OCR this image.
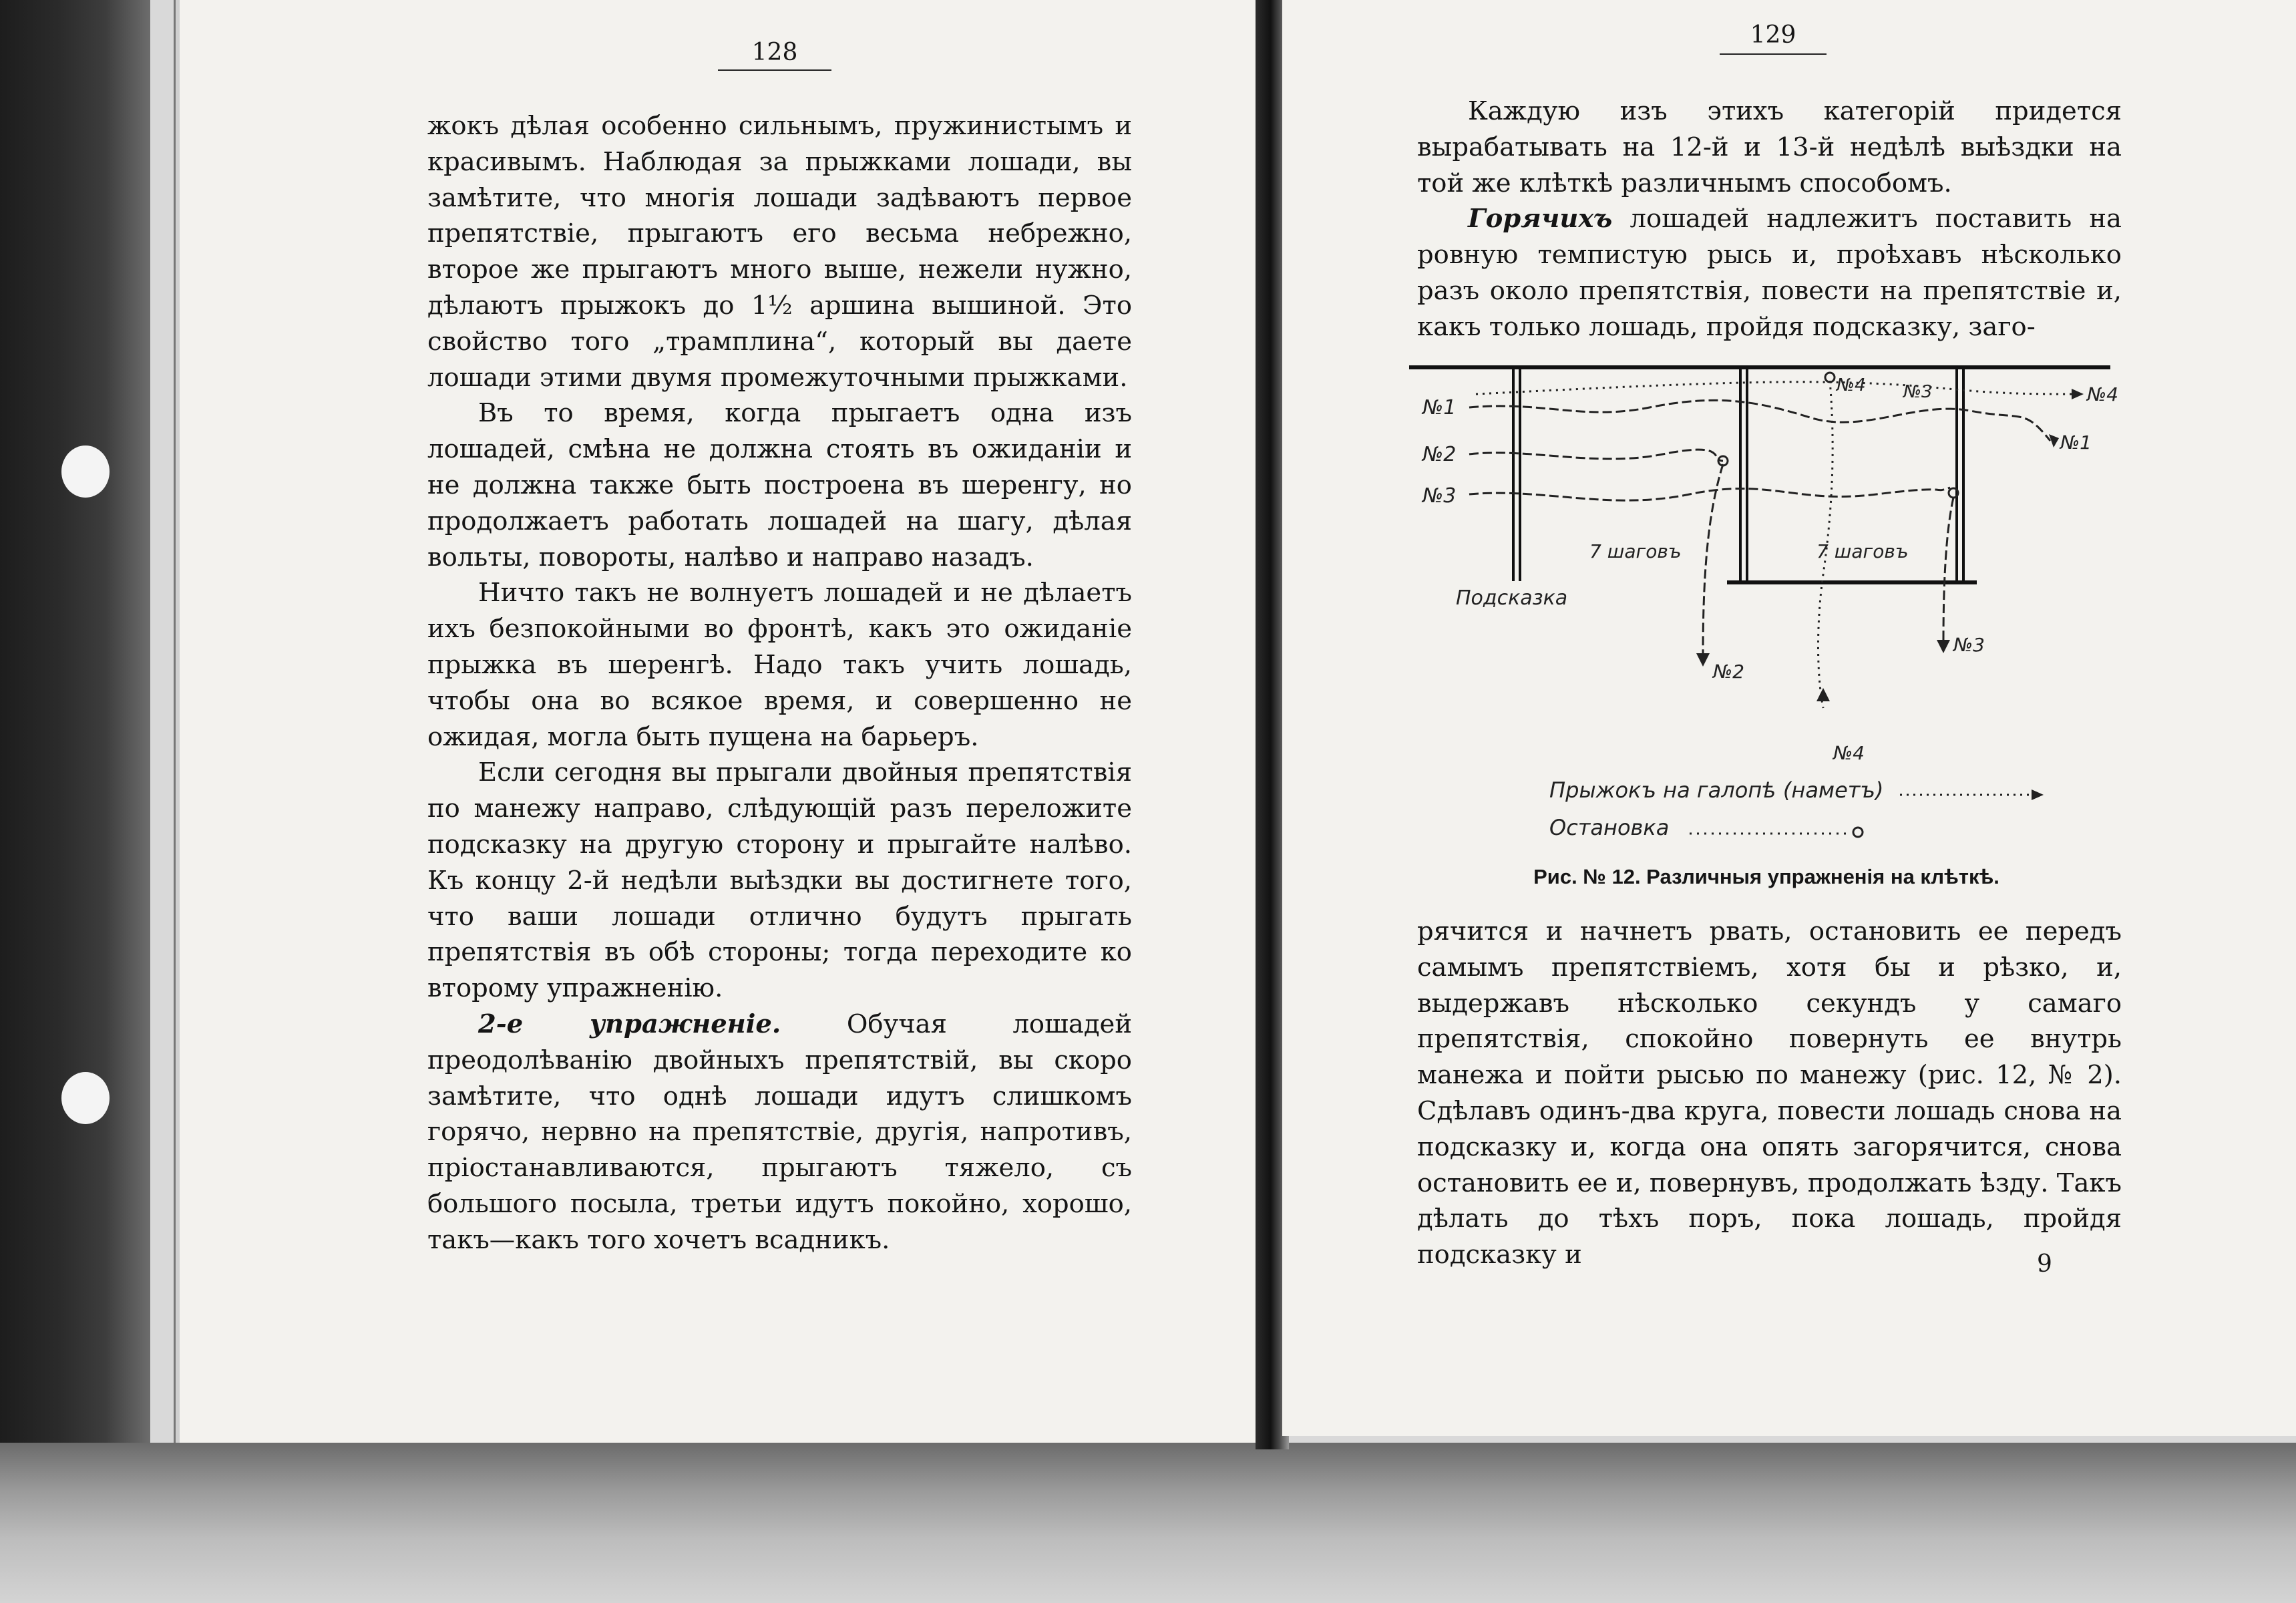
128

жокъ дѣлая особенно сильнымъ, пружинистымъ и красивымъ. Наблюдая за прыжками лошади, вы замѣтите, что многія лошади задѣваютъ первое препятствіе, прыгаютъ его весьма небрежно, второе же прыгаютъ много выше, нежели нужно, дѣлаютъ прыжокъ до 1½ аршина вышиной. Это свойство того „трамплина“, который вы даете лошади этими двумя промежуточными прыжками.

Въ то время, когда прыгаетъ одна изъ лошадей, смѣна не должна стоять въ ожиданіи и не должна также быть построена въ шеренгу, но продолжаетъ работать лошадей на шагу, дѣлая вольты, повороты, налѣво и направо назадъ.

Ничто такъ не волнуетъ лошадей и не дѣлаетъ ихъ безпокойными во фронтѣ, какъ это ожиданіе прыжка въ шеренгѣ. Надо такъ учить лошадь, чтобы она во всякое время, и совершенно не ожидая, могла быть пущена на барьеръ.

Если сегодня вы прыгали двойныя препятствія по манежу направо, слѣдующій разъ переложите подсказку на другую сторону и прыгайте налѣво. Къ концу 2-й недѣли выѣздки вы достигнете того, что ваши лошади отлично будутъ прыгать препятствія въ обѣ стороны; тогда переходите ко второму упражненію.

2-е упражненіе. Обучая лошадей преодолѣванію двойныхъ препятствій, вы скоро замѣтите, что однѣ лошади идутъ слишкомъ горячо, нервно на препятствіе, другія, напротивъ, пріостанавливаются, прыгаютъ тяжело, съ большого посыла, третьи идутъ покойно, хорошо, такъ—какъ того хочетъ всадникъ.

129

Каждую изъ этихъ категорій придется вырабатывать на 12-й и 13-й недѣлѣ выѣздки на той же клѣткѣ различнымъ способомъ.

Горячихъ лошадей надлежитъ поставить на ровную темпистую рысь и, проѣхавъ нѣсколько разъ около препятствія, повести на препятствіе и, какъ только лошадь, пройдя подсказку, заго-

№1
№2
№3
№4 №3	№4
№1
7 шаговъ	7 шаговъ
Подсказка
№2
№3
№4
Прыжокъ на галопѣ (наметъ)
Остановка
Рис. № 12. Различныя упражненія на клѣткѣ.

рячится и начнетъ рвать, остановить ее передъ самымъ препятствіемъ, хотя бы и рѣзко, и, выдержавъ нѣсколько секундъ у самаго препятствія, спокойно повернуть ее внутрь манежа и пойти рысью по манежу (рис. 12, № 2). Сдѣлавъ одинъ-два круга, повести лошадь снова на подсказку и, когда она опять загорячится, снова остановить ее и, повернувъ, продолжать ѣзду. Такъ дѣлать до тѣхъ поръ, пока лошадь, пройдя подсказку и	9
